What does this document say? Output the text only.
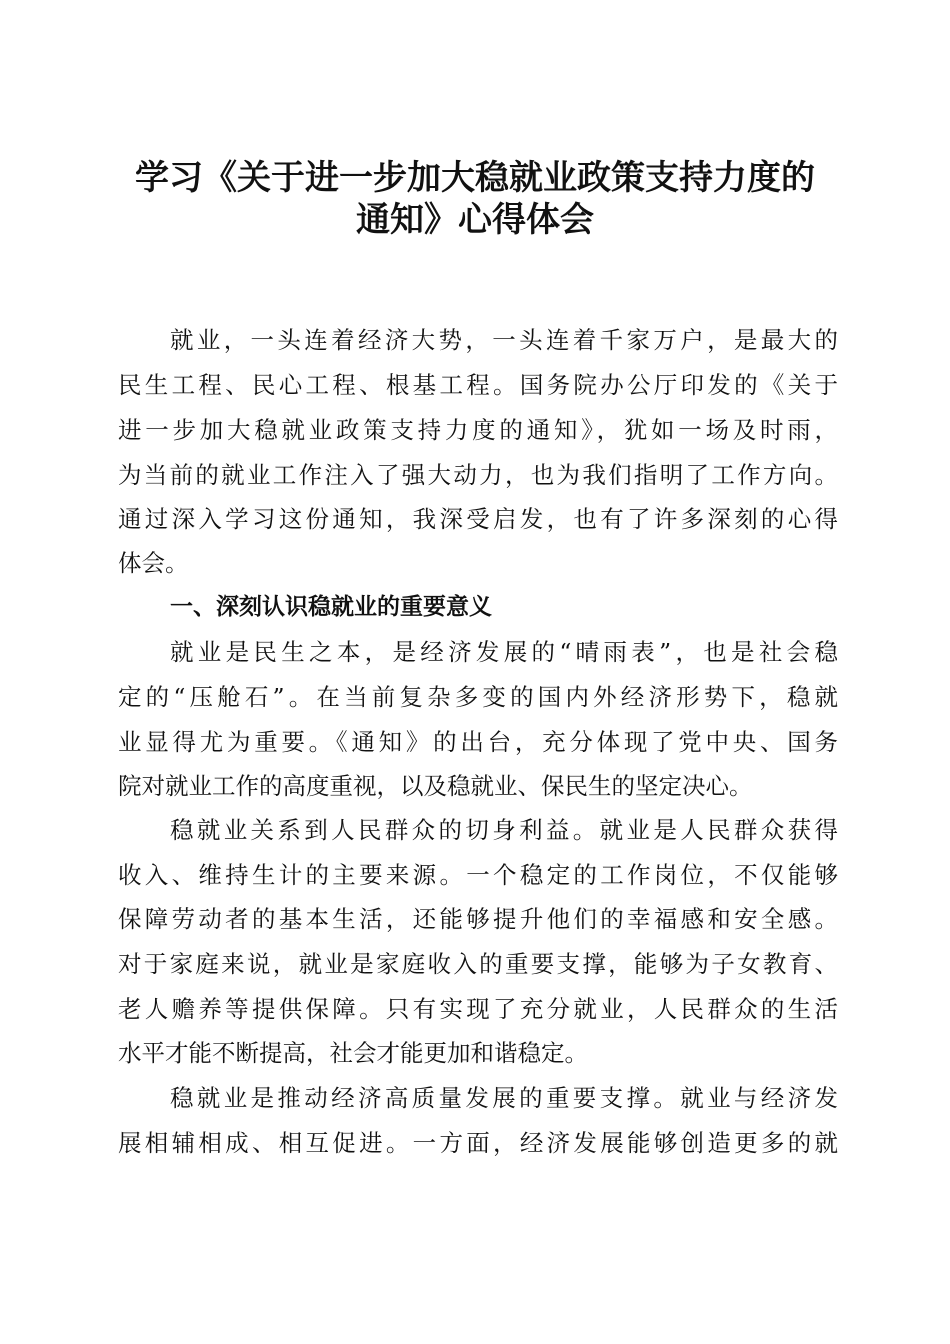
学习《关于进一步加大稳就业政策支持力度的
通知》心得体会
就业，一头连着经济大势，一头连着千家万户，是最大的
民生工程、民心工程、根基工程。国务院办公厅印发的《关于
进一步加大稳就业政策支持力度的通知》，犹如一场及时雨，
为当前的就业工作注入了强大动力，也为我们指明了工作方向。
通过深入学习这份通知，我深受启发，也有了许多深刻的心得
体会。
一、深刻认识稳就业的重要意义
就业是民生之本，是经济发展的“晴雨表”，也是社会稳
定的“压舱石”。在当前复杂多变的国内外经济形势下，稳就
业显得尤为重要。《通知》的出台，充分体现了党中央、国务
院对就业工作的高度重视，以及稳就业、保民生的坚定决心。
稳就业关系到人民群众的切身利益。就业是人民群众获得
收入、维持生计的主要来源。一个稳定的工作岗位，不仅能够
保障劳动者的基本生活，还能够提升他们的幸福感和安全感。
对于家庭来说，就业是家庭收入的重要支撑，能够为子女教育、
老人赡养等提供保障。只有实现了充分就业，人民群众的生活
水平才能不断提高，社会才能更加和谐稳定。
稳就业是推动经济高质量发展的重要支撑。就业与经济发
展相辅相成、相互促进。一方面，经济发展能够创造更多的就
